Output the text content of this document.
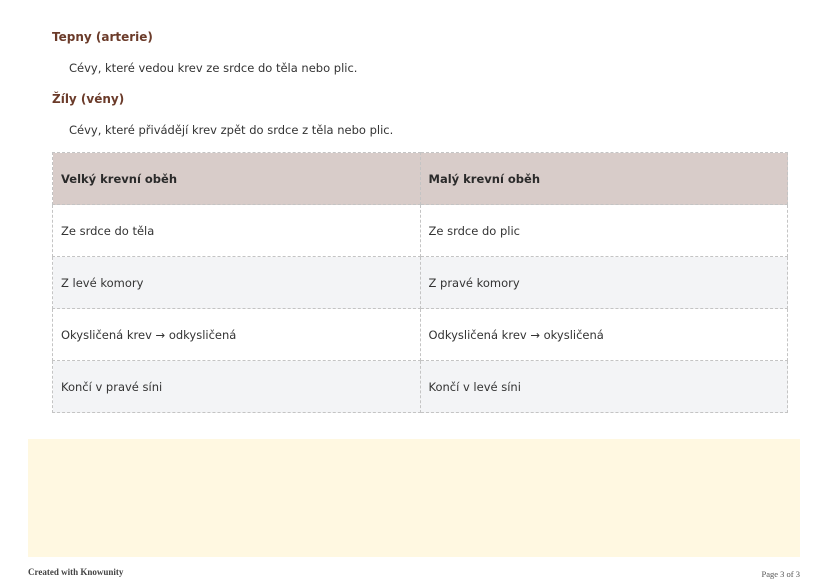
Tepny (arterie)

Cévy, které vedou krev ze srdce do těla nebo plic.

Žíly (vény)

Cévy, které přivádějí krev zpět do srdce z těla nebo plic.

Velký krevní oběh	Malý krevní oběh
Ze srdce do těla	Ze srdce do plic
Z levé komory	Z pravé komory
Okysličená krev → odkysličená	Odkysličená krev → okysličená
Končí v pravé síni	Končí v levé síni
Created with Knowunity	Page 3 of 3
